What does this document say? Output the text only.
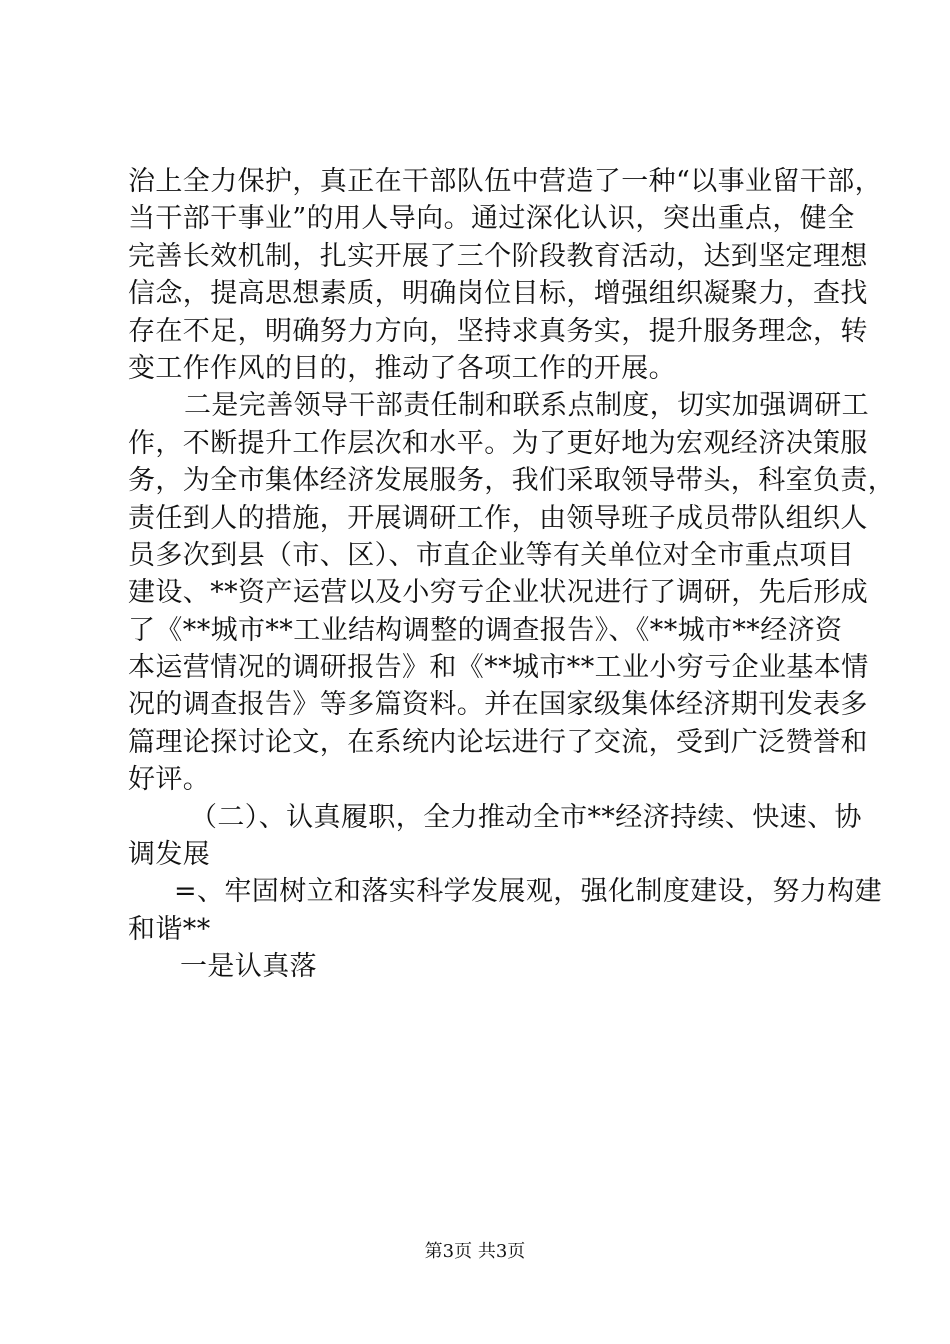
治上全力保护，真正在干部队伍中营造了一种“以事业留干部，
当干部干事业”的用人导向。通过深化认识，突出重点，健全
完善长效机制，扎实开展了三个阶段教育活动，达到坚定理想
信念，提高思想素质，明确岗位目标，增强组织凝聚力，查找
存在不足，明确努力方向，坚持求真务实，提升服务理念，转
变工作作风的目的，推动了各项工作的开展。
二是完善领导干部责任制和联系点制度，切实加强调研工
作，不断提升工作层次和水平。为了更好地为宏观经济决策服
务，为全市集体经济发展服务，我们采取领导带头，科室负责，
责任到人的措施，开展调研工作，由领导班子成员带队组织人
员多次到县（市、区）、市直企业等有关单位对全市重点项目
建设、**资产运营以及小穷亏企业状况进行了调研，先后形成
了《**城市**工业结构调整的调查报告》、《**城市**经济资
本运营情况的调研报告》和《**城市**工业小穷亏企业基本情
况的调查报告》等多篇资料。并在国家级集体经济期刊发表多
篇理论探讨论文，在系统内论坛进行了交流，受到广泛赞誉和
好评。
（二）、认真履职，全力推动全市**经济持续、快速、协
调发展
=、牢固树立和落实科学发展观，强化制度建设，努力构建
和谐**
一是认真落
第3页 共3页
